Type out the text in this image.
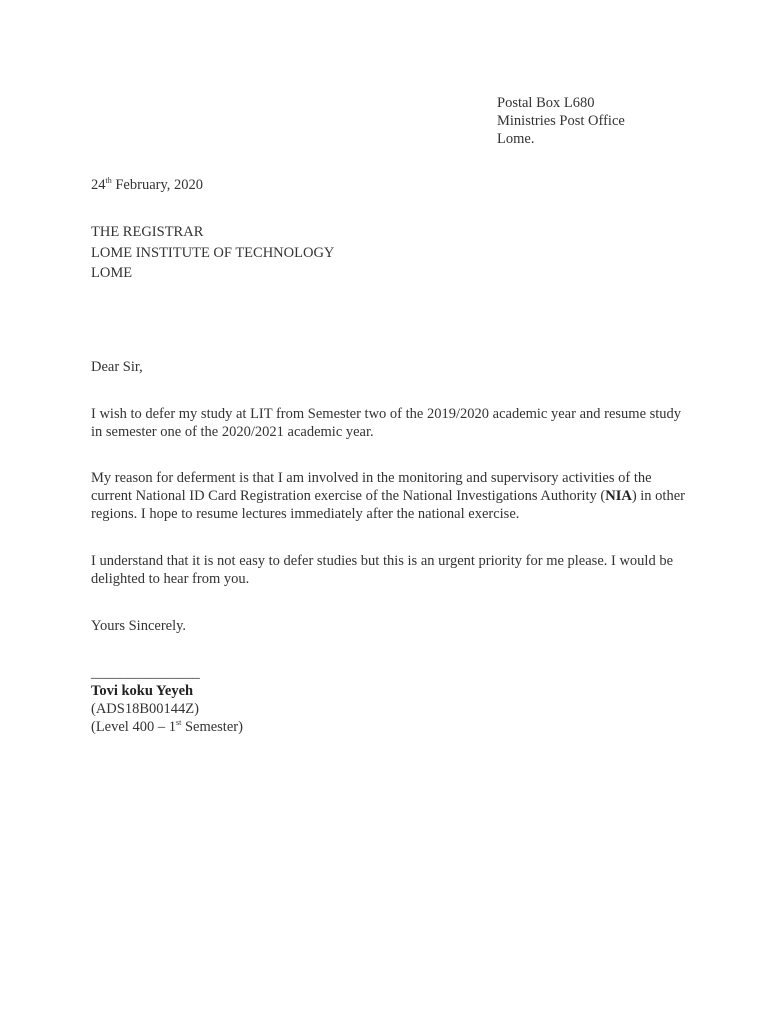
Postal Box L680
Ministries Post Office
Lome.
24th February, 2020
THE REGISTRAR
LOME INSTITUTE OF TECHNOLOGY
LOME
Dear Sir,
I wish to defer my study at LIT from Semester two of the 2019/2020 academic year and resume study in semester one of the 2020/2021 academic year.
My reason for deferment is that I am involved in the monitoring and supervisory activities of the current National ID Card Registration exercise of the National Investigations Authority (NIA) in other regions. I hope to resume lectures immediately after the national exercise.
I understand that it is not easy to defer studies but this is an urgent priority for me please. I would be delighted to hear from you.
Yours Sincerely.
_______________
Tovi koku Yeyeh
(ADS18B00144Z)
(Level 400 – 1st Semester)
